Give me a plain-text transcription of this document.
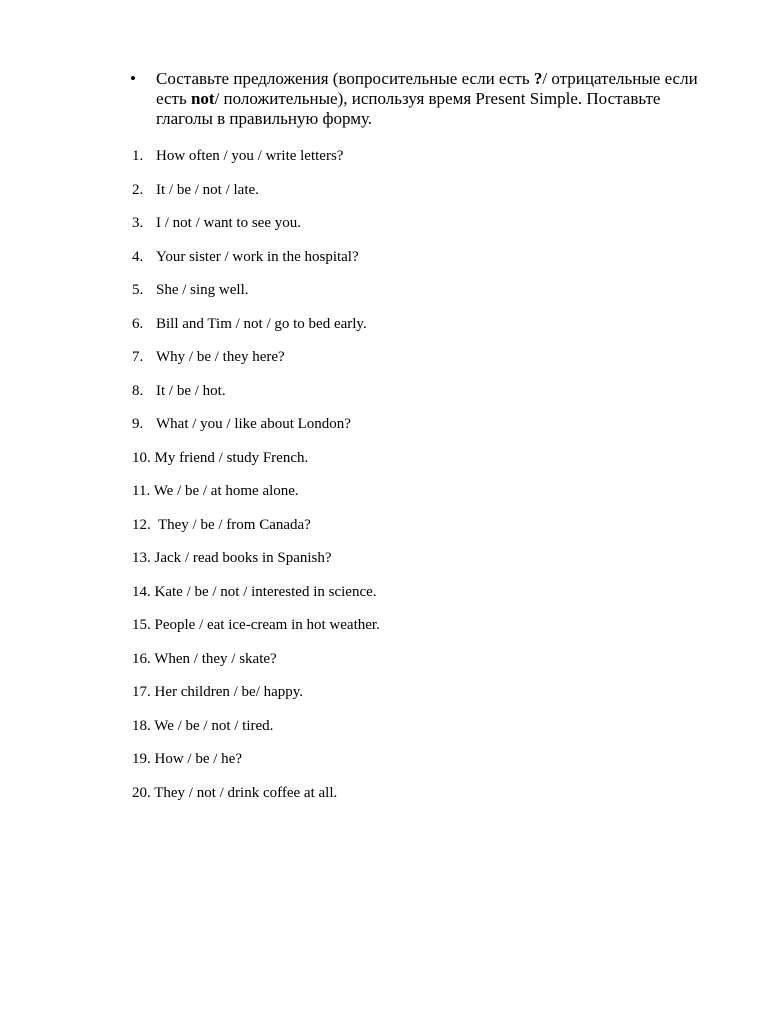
•	Составьте предложения (вопросительные если есть ?/ отрицательные если есть not/ положительные), используя время Present Simple. Поставьте глаголы в правильную форму.
1. How often / you / write letters?
2. It / be / not / late.
3. I / not / want to see you.
4. Your sister / work in the hospital?
5. She / sing well.
6. Bill and Tim / not / go to bed early.
7. Why / be / they here?
8. It / be / hot.
9. What / you / like about London?
10. My friend / study French.
11. We / be / at home alone.
12.  They / be / from Canada?
13. Jack / read books in Spanish?
14. Kate / be / not / interested in science.
15. People / eat ice-cream in hot weather.
16. When / they / skate?
17. Her children / be/ happy.
18. We / be / not / tired.
19. How / be / he?
20. They / not / drink coffee at all.
